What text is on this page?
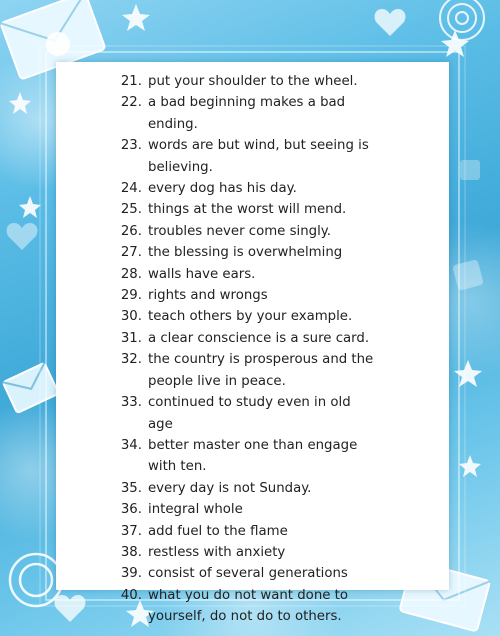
21. put your shoulder to the wheel.
22. a bad beginning makes a bad ending.
23. words are but wind, but seeing is believing.
24. every dog has his day.
25. things at the worst will mend.
26. troubles never come singly.
27. the blessing is overwhelming
28. walls have ears.
29. rights and wrongs
30. teach others by your example.
31. a clear conscience is a sure card.
32. the country is prosperous and the people live in peace.
33. continued to study even in old age
34. better master one than engage with ten.
35. every day is not Sunday.
36. integral whole
37. add fuel to the flame
38. restless with anxiety
39. consist of several generations
40. what you do not want done to yourself, do not do to others.
